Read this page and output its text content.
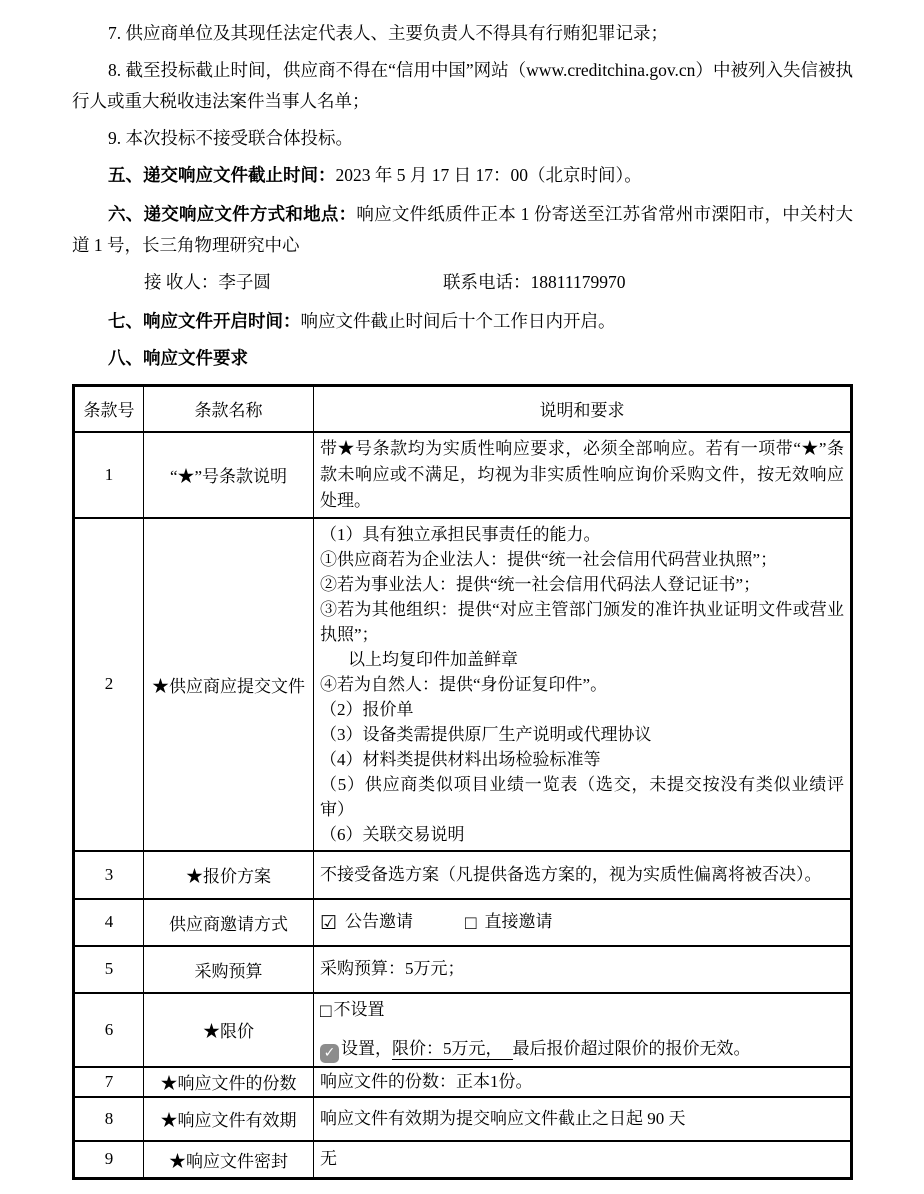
7. 供应商单位及其现任法定代表人、主要负责人不得具有行贿犯罪记录；

8. 截至投标截止时间，供应商不得在“信用中国”网站（www.creditchina.gov.cn）中被列入失信被执行人或重大税收违法案件当事人名单；

9. 本次投标不接受联合体投标。

五、递交响应文件截止时间：2023 年 5 月 17 日 17：00（北京时间）。

六、递交响应文件方式和地点：响应文件纸质件正本 1 份寄送至江苏省常州市溧阳市，中关村大道 1 号，长三角物理研究中心

接 收人：李子圆	联系电话：18811179970

七、响应文件开启时间：响应文件截止时间后十个工作日内开启。

八、响应文件要求

条款号	条款名称	说明和要求
1	“★”号条款说明	带★号条款均为实质性响应要求，必须全部响应。若有一项带“★”条款未响应或不满足，均视为非实质性响应询价采购文件，按无效响应处理。
2	★供应商应提交文件	
（1）具有独立承担民事责任的能力。
①供应商若为企业法人：提供“统一社会信用代码营业执照”；
②若为事业法人：提供“统一社会信用代码法人登记证书”；
③若为其他组织：提供“对应主管部门颁发的准许执业证明文件或营业执照”；
以上均复印件加盖鲜章
④若为自然人：提供“身份证复印件”。
（2）报价单
（3）设备类需提供原厂生产说明或代理协议
（4）材料类提供材料出场检验标准等
（5）供应商类似项目业绩一览表（选交，未提交按没有类似业绩评审）
（6）关联交易说明

3	★报价方案	不接受备选方案（凡提供备选方案的，视为实质性偏离将被否决）。
4	供应商邀请方式	☑ 公告邀请 □ 直接邀请
5	采购预算	采购预算：5万元；
6	★限价	□ 不设置
✓ 设置，限价：5万元， 最后报价超过限价的报价无效。

7	★响应文件的份数	响应文件的份数：正本1份。
8	★响应文件有效期	响应文件有效期为提交响应文件截止之日起 90 天
9	★响应文件密封	无
